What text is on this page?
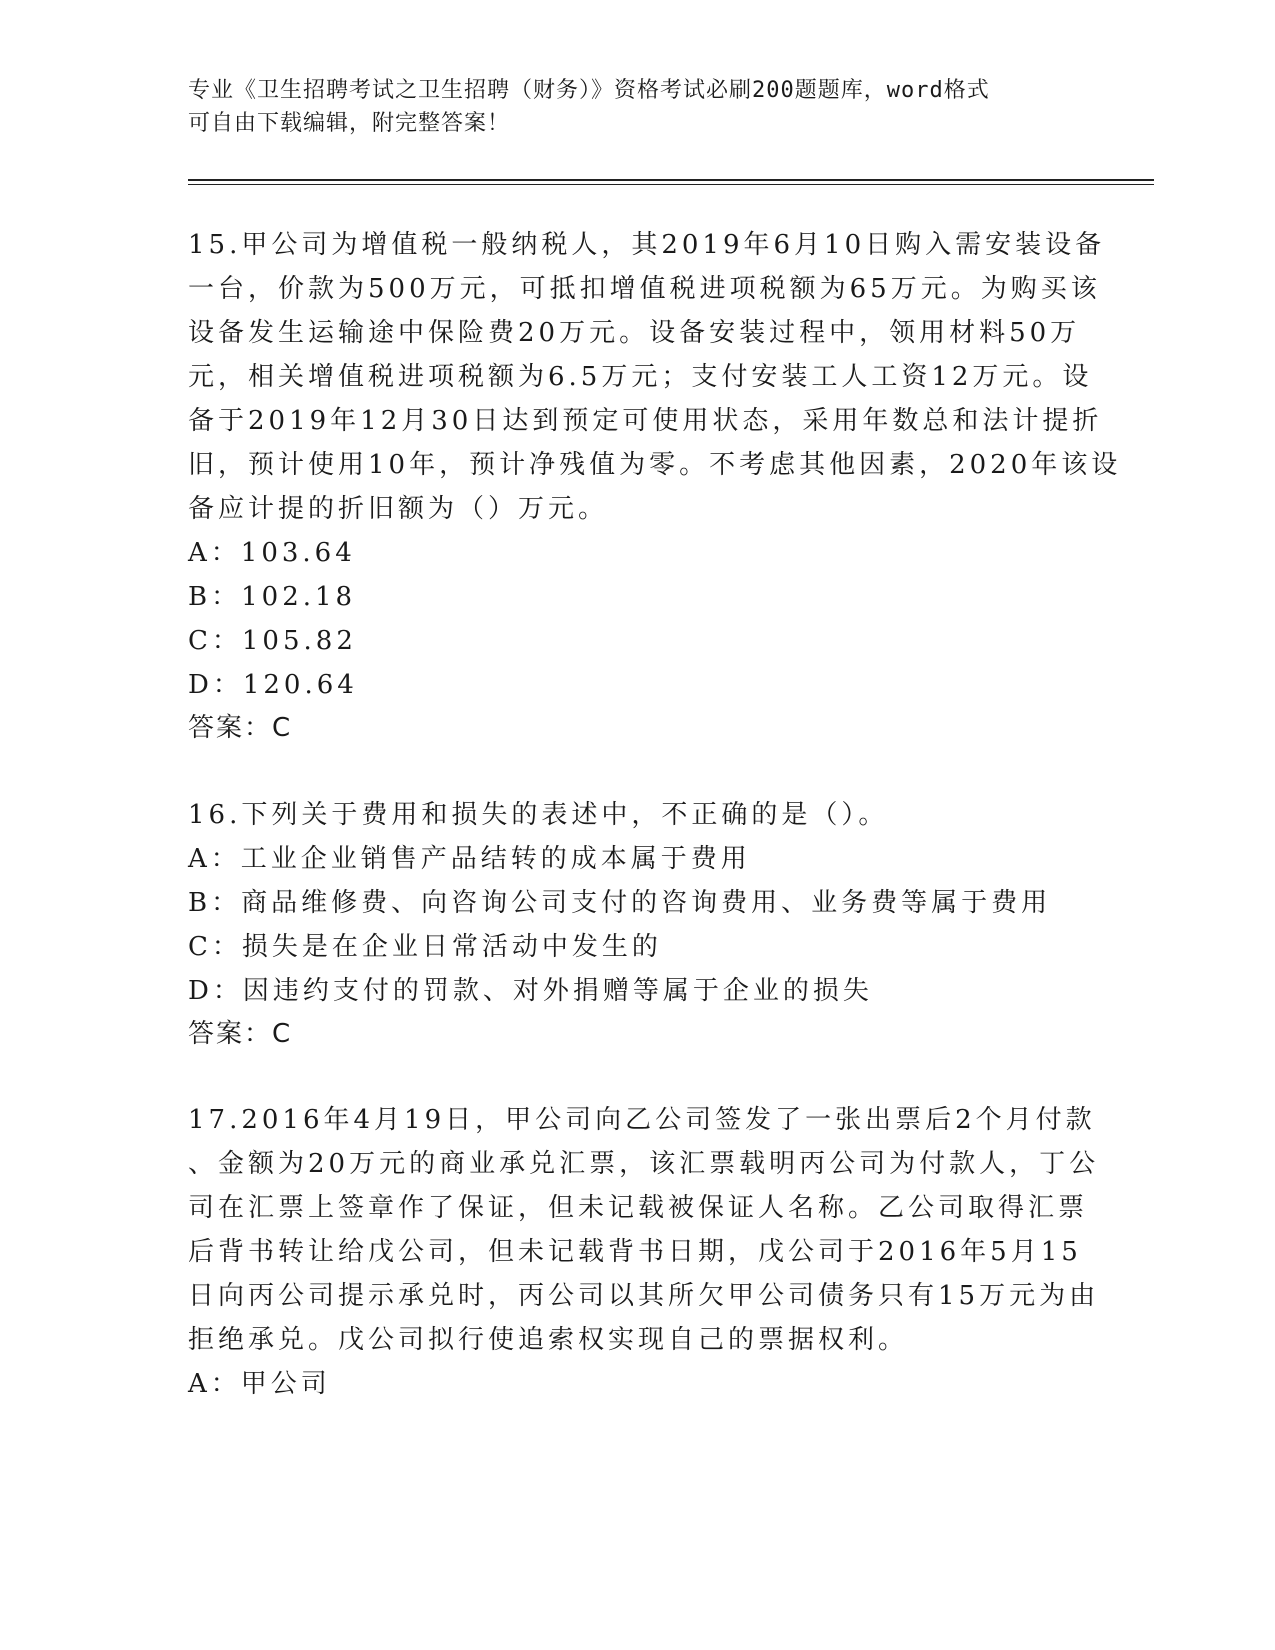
专业《卫生招聘考试之卫生招聘（财务）》资格考试必刷200题题库，word格式
可自由下载编辑，附完整答案！
15.甲公司为增值税一般纳税人，其2019年6月10日购入需安装设备
一台，价款为500万元，可抵扣增值税进项税额为65万元。为购买该
设备发生运输途中保险费20万元。设备安装过程中，领用材料50万
元，相关增值税进项税额为6.5万元；支付安装工人工资12万元。设
备于2019年12月30日达到预定可使用状态，采用年数总和法计提折
旧，预计使用10年，预计净残值为零。不考虑其他因素，2020年该设
备应计提的折旧额为（）万元。
A：103.64
B：102.18
C：105.82
D：120.64
答案：C
16.下列关于费用和损失的表述中，不正确的是（）。
A：工业企业销售产品结转的成本属于费用
B：商品维修费、向咨询公司支付的咨询费用、业务费等属于费用
C：损失是在企业日常活动中发生的
D：因违约支付的罚款、对外捐赠等属于企业的损失
答案：C
17.2016年4月19日，甲公司向乙公司签发了一张出票后2个月付款
、金额为20万元的商业承兑汇票，该汇票载明丙公司为付款人，丁公
司在汇票上签章作了保证，但未记载被保证人名称。乙公司取得汇票
后背书转让给戊公司，但未记载背书日期，戊公司于2016年5月15
日向丙公司提示承兑时，丙公司以其所欠甲公司债务只有15万元为由
拒绝承兑。戊公司拟行使追索权实现自己的票据权利。
A：甲公司
